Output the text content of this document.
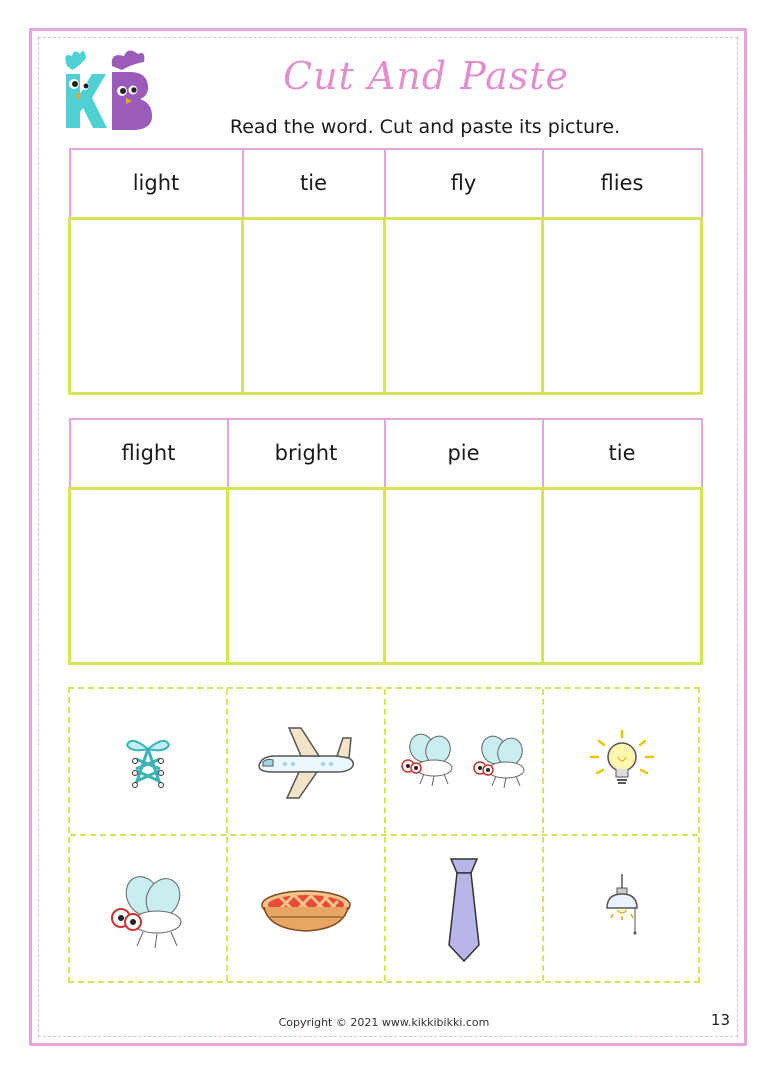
Cut And Paste

Read the word. Cut and paste its picture.

light	tie	fly	flies

flight	bright	pie	tie

Copyright © 2021 www.kikkibikki.com	13
